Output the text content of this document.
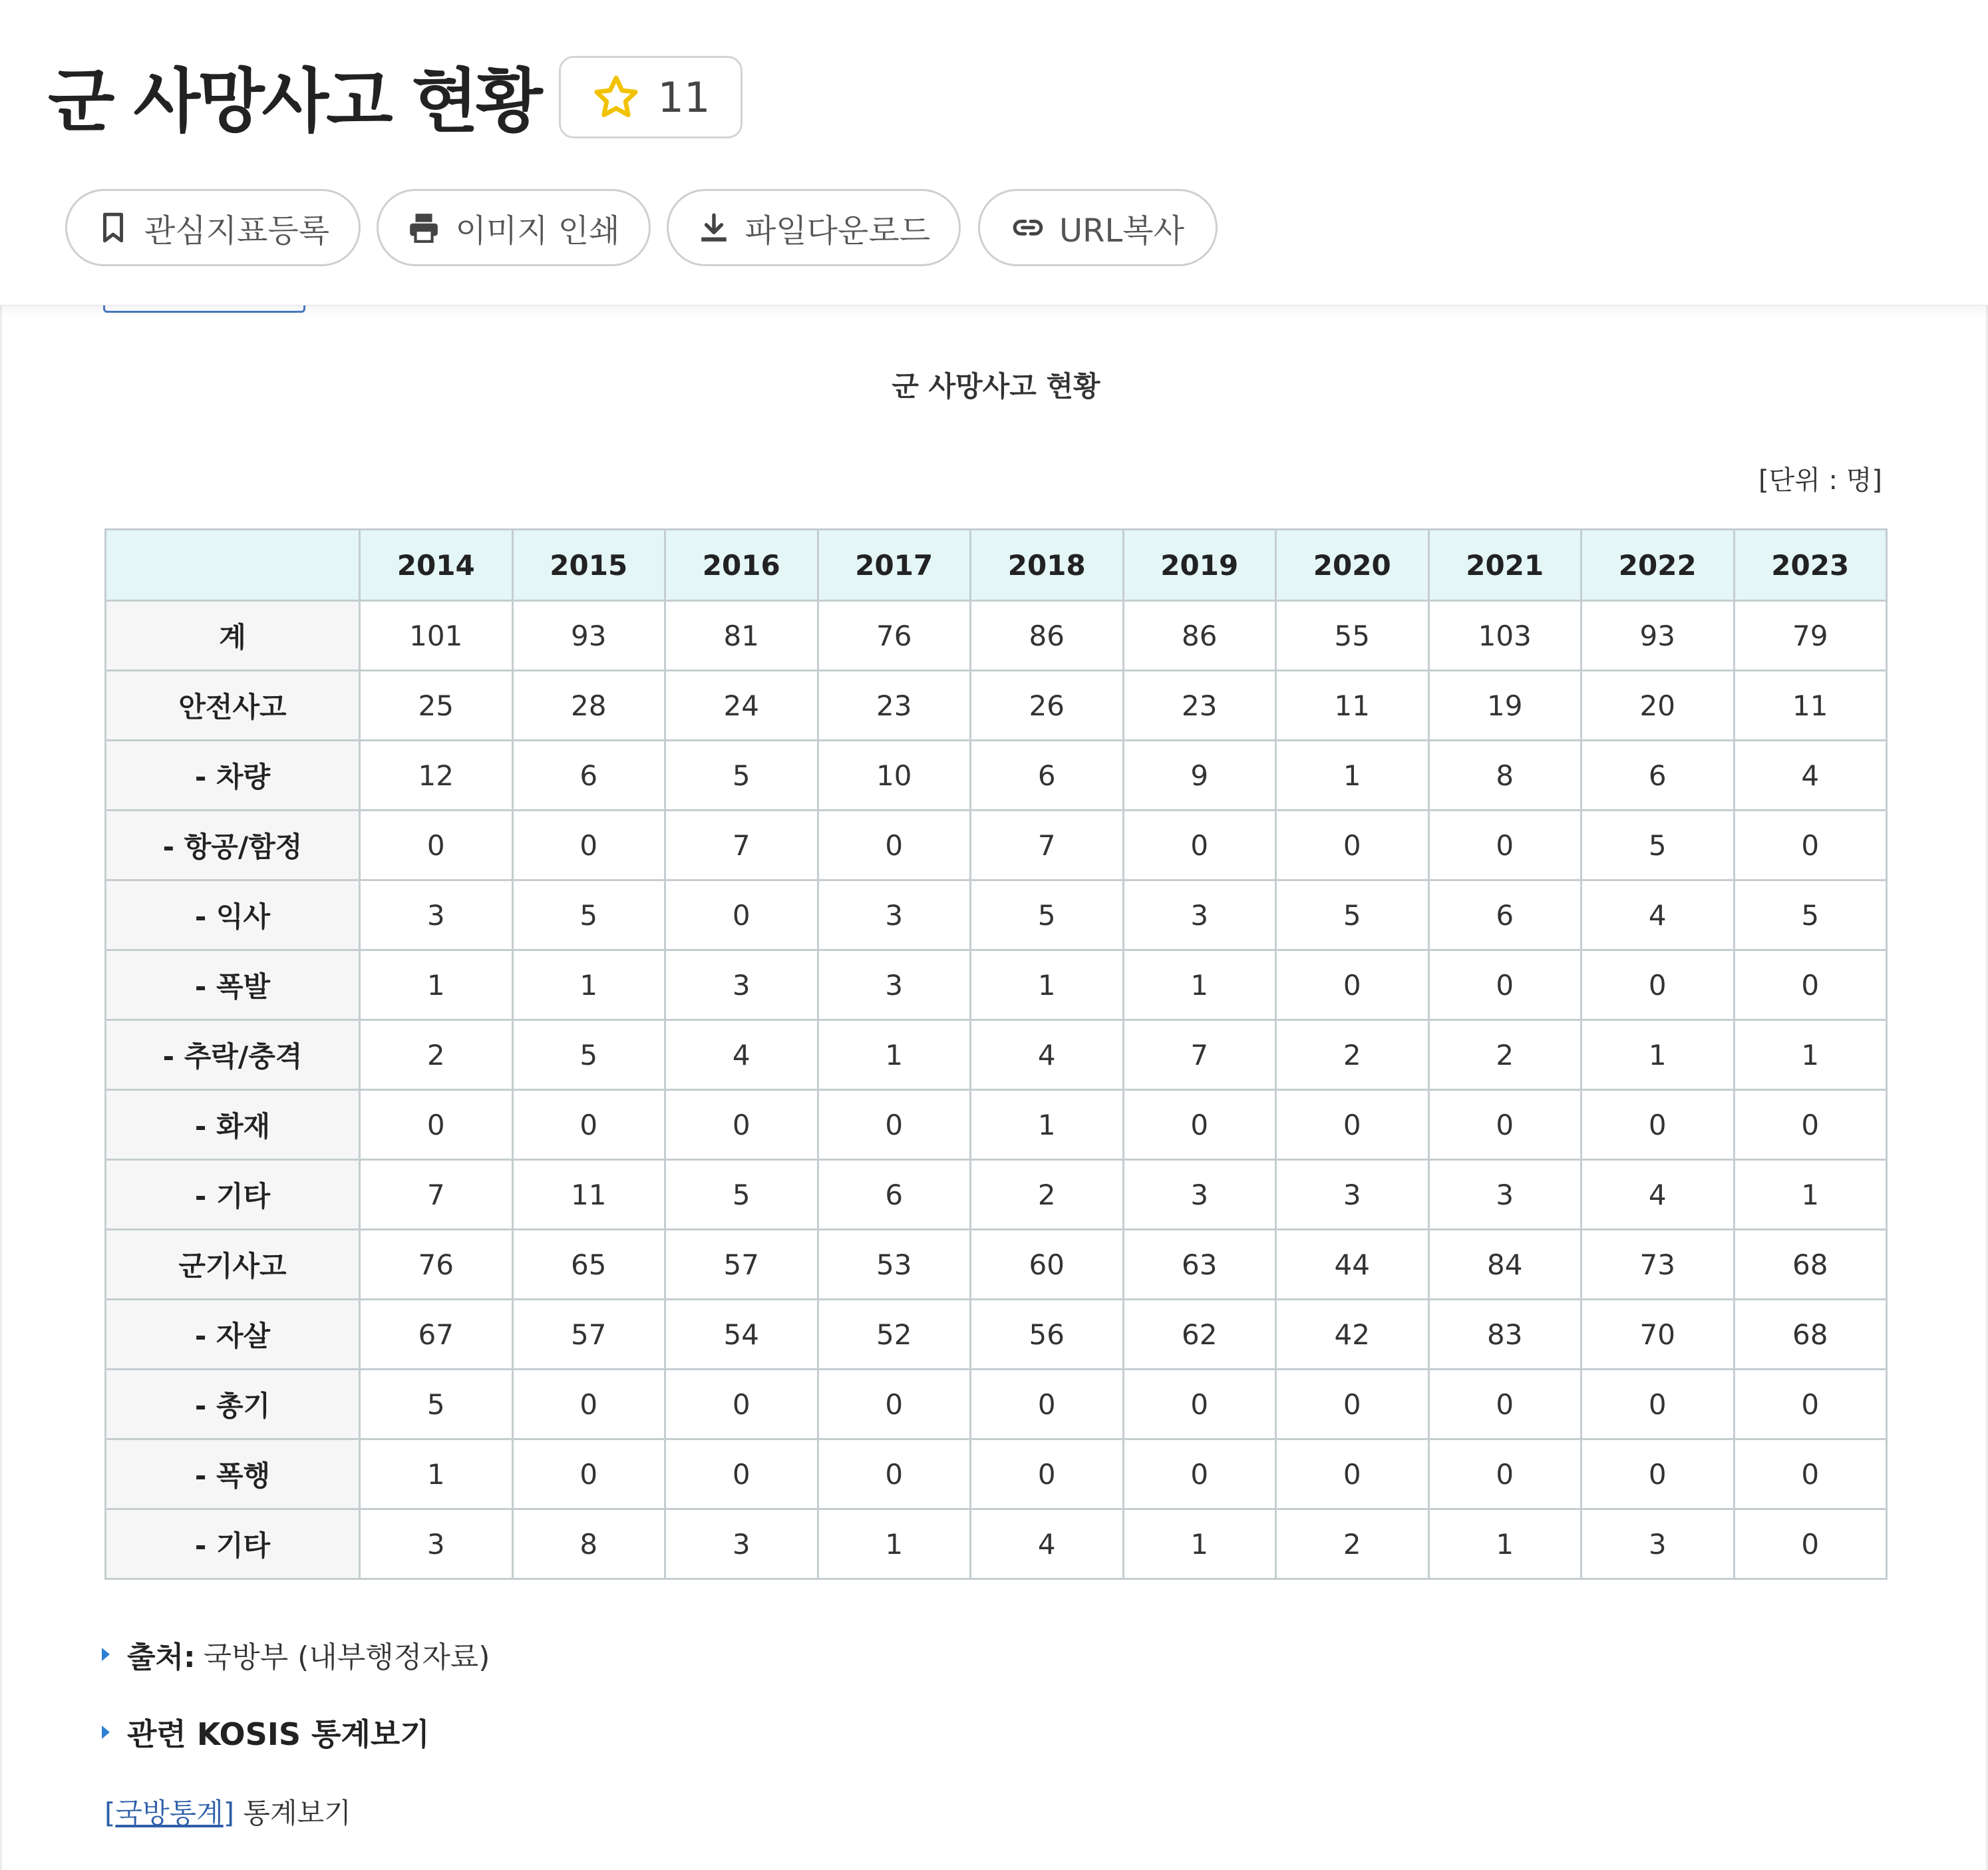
군 사망사고 현황	11
관심지표등록	이미지 인쇄	파일다운로드	URL복사
군 사망사고 현황
[단위 : 명]
	2014	2015	2016	2017	2018	2019	2020	2021	2022	2023
계	101	93	81	76	86	86	55	103	93	79
안전사고	25	28	24	23	26	23	11	19	20	11
- 차량	12	6	5	10	6	9	1	8	6	4
- 항공/함정	0	0	7	0	7	0	0	0	5	0
- 익사	3	5	0	3	5	3	5	6	4	5
- 폭발	1	1	3	3	1	1	0	0	0	0
- 추락/충격	2	5	4	1	4	7	2	2	1	1
- 화재	0	0	0	0	1	0	0	0	0	0
- 기타	7	11	5	6	2	3	3	3	4	1
군기사고	76	65	57	53	60	63	44	84	73	68
- 자살	67	57	54	52	56	62	42	83	70	68
- 총기	5	0	0	0	0	0	0	0	0	0
- 폭행	1	0	0	0	0	0	0	0	0	0
- 기타	3	8	3	1	4	1	2	1	3	0
출처: 국방부 (내부행정자료)
관련 KOSIS 통계보기
[국방통계] 통계보기
